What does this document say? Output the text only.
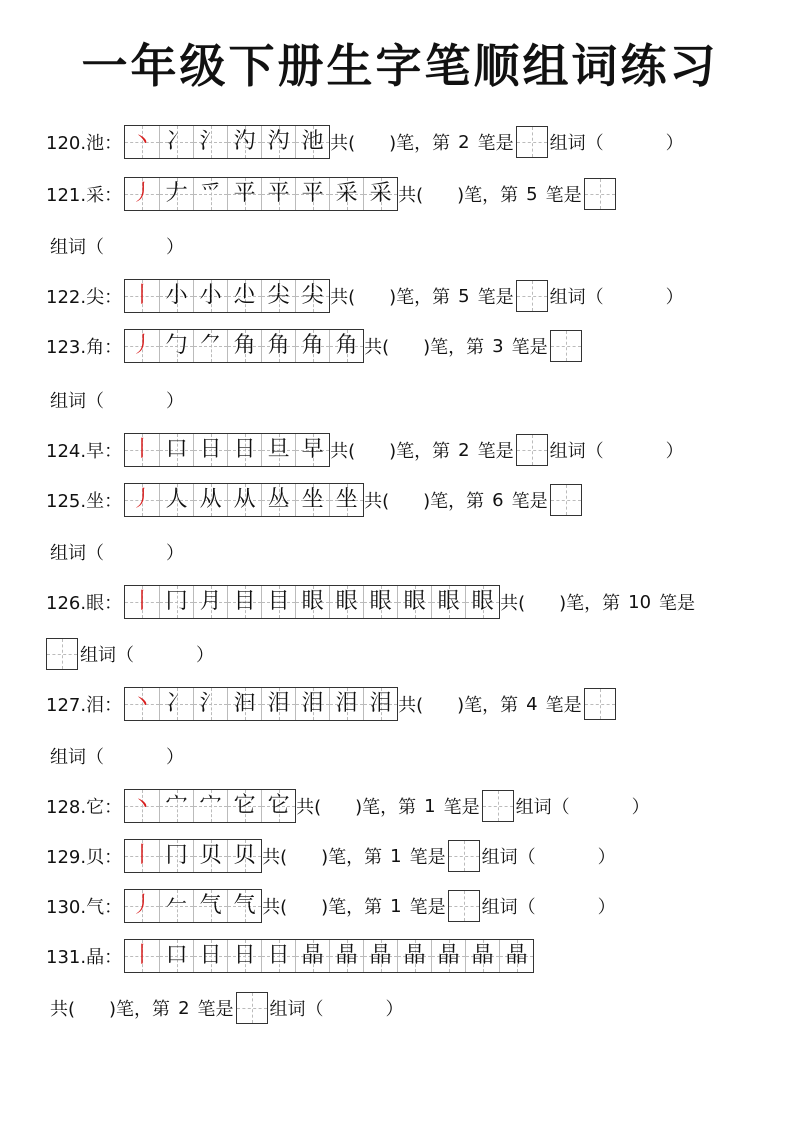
一年级下册生字笔顺组词练习
120.池： 丶 冫 氵 汋 汋 池 共( )笔，第 2 笔是 组词（	）
121.采： 丿 𠂇 爫 平 平 平 采 采 共( )笔，第 5 笔是
组词（	）
122.尖： 丨 小 小 尐 尖 尖 共( )笔，第 5 笔是 组词（	）
123.角： 丿 勹 ⺈ 角 角 角 角 共( )笔，第 3 笔是
组词（	）
124.早： 丨 口 日 日 旦 早 共( )笔，第 2 笔是 组词（	）
125.坐： 丿 人 从 从 丛 坐 坐 共( )笔，第 6 笔是
组词（	）
126.眼： 丨 冂 月 目 目 眼 眼 眼 眼 眼 眼 共( )笔，第 10 笔是
组词（	）
127.泪： 丶 冫 氵 汩 泪 泪 泪 泪 共( )笔，第 4 笔是
组词（	）
128.它： 丶 宀 宀 它 它 共( )笔，第 1 笔是 组词（	）
129.贝： 丨 冂 贝 贝 共( )笔，第 1 笔是 组词（	）
130.气： 丿 𠂉 气 气 共( )笔，第 1 笔是 组词（	）
131.晶： 丨 口 日 日 日 晶 晶 晶 晶 晶 晶 晶
共( )笔，第 2 笔是 组词（	）
